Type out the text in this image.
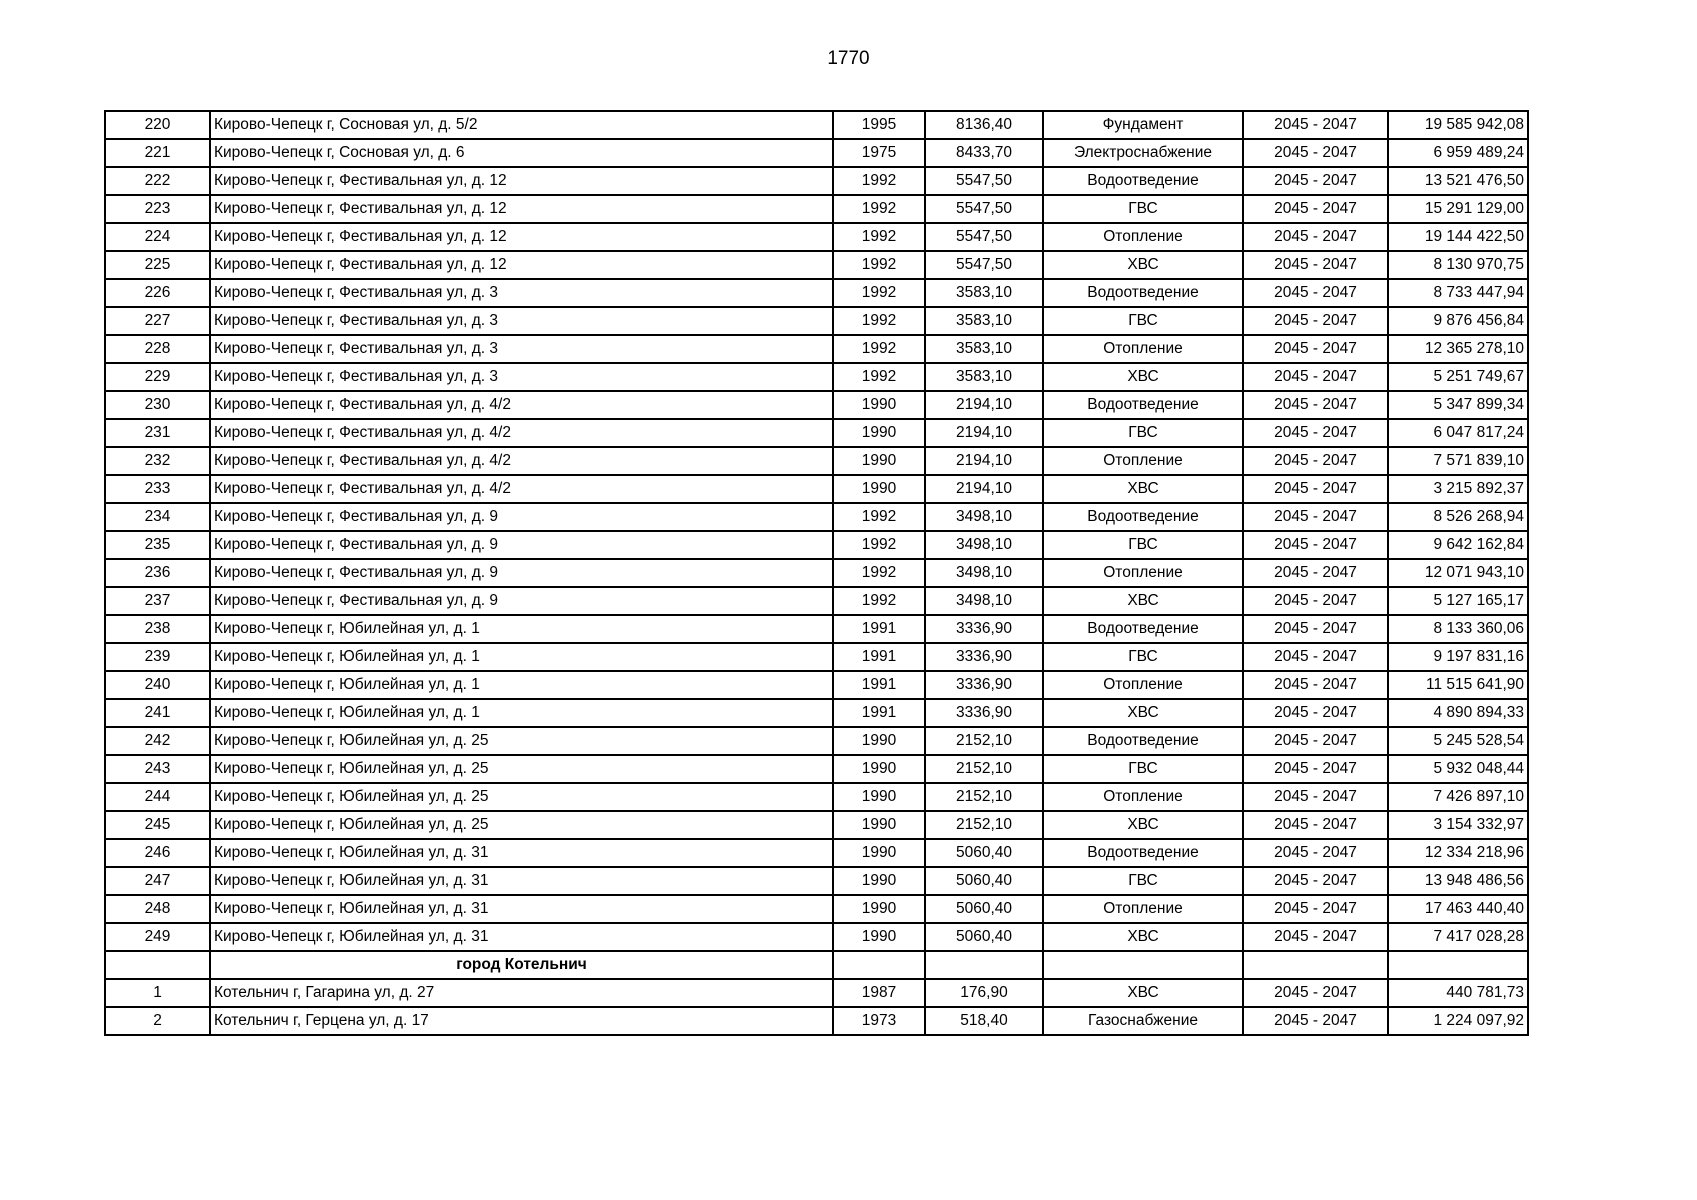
1770
220	Кирово-Чепецк г, Сосновая ул, д. 5/2	1995	8136,40	Фундамент	2045 - 2047	19 585 942,08
221	Кирово-Чепецк г, Сосновая ул, д. 6	1975	8433,70	Электроснабжение	2045 - 2047	6 959 489,24
222	Кирово-Чепецк г, Фестивальная ул, д. 12	1992	5547,50	Водоотведение	2045 - 2047	13 521 476,50
223	Кирово-Чепецк г, Фестивальная ул, д. 12	1992	5547,50	ГВС	2045 - 2047	15 291 129,00
224	Кирово-Чепецк г, Фестивальная ул, д. 12	1992	5547,50	Отопление	2045 - 2047	19 144 422,50
225	Кирово-Чепецк г, Фестивальная ул, д. 12	1992	5547,50	ХВС	2045 - 2047	8 130 970,75
226	Кирово-Чепецк г, Фестивальная ул, д. 3	1992	3583,10	Водоотведение	2045 - 2047	8 733 447,94
227	Кирово-Чепецк г, Фестивальная ул, д. 3	1992	3583,10	ГВС	2045 - 2047	9 876 456,84
228	Кирово-Чепецк г, Фестивальная ул, д. 3	1992	3583,10	Отопление	2045 - 2047	12 365 278,10
229	Кирово-Чепецк г, Фестивальная ул, д. 3	1992	3583,10	ХВС	2045 - 2047	5 251 749,67
230	Кирово-Чепецк г, Фестивальная ул, д. 4/2	1990	2194,10	Водоотведение	2045 - 2047	5 347 899,34
231	Кирово-Чепецк г, Фестивальная ул, д. 4/2	1990	2194,10	ГВС	2045 - 2047	6 047 817,24
232	Кирово-Чепецк г, Фестивальная ул, д. 4/2	1990	2194,10	Отопление	2045 - 2047	7 571 839,10
233	Кирово-Чепецк г, Фестивальная ул, д. 4/2	1990	2194,10	ХВС	2045 - 2047	3 215 892,37
234	Кирово-Чепецк г, Фестивальная ул, д. 9	1992	3498,10	Водоотведение	2045 - 2047	8 526 268,94
235	Кирово-Чепецк г, Фестивальная ул, д. 9	1992	3498,10	ГВС	2045 - 2047	9 642 162,84
236	Кирово-Чепецк г, Фестивальная ул, д. 9	1992	3498,10	Отопление	2045 - 2047	12 071 943,10
237	Кирово-Чепецк г, Фестивальная ул, д. 9	1992	3498,10	ХВС	2045 - 2047	5 127 165,17
238	Кирово-Чепецк г, Юбилейная ул, д. 1	1991	3336,90	Водоотведение	2045 - 2047	8 133 360,06
239	Кирово-Чепецк г, Юбилейная ул, д. 1	1991	3336,90	ГВС	2045 - 2047	9 197 831,16
240	Кирово-Чепецк г, Юбилейная ул, д. 1	1991	3336,90	Отопление	2045 - 2047	11 515 641,90
241	Кирово-Чепецк г, Юбилейная ул, д. 1	1991	3336,90	ХВС	2045 - 2047	4 890 894,33
242	Кирово-Чепецк г, Юбилейная ул, д. 25	1990	2152,10	Водоотведение	2045 - 2047	5 245 528,54
243	Кирово-Чепецк г, Юбилейная ул, д. 25	1990	2152,10	ГВС	2045 - 2047	5 932 048,44
244	Кирово-Чепецк г, Юбилейная ул, д. 25	1990	2152,10	Отопление	2045 - 2047	7 426 897,10
245	Кирово-Чепецк г, Юбилейная ул, д. 25	1990	2152,10	ХВС	2045 - 2047	3 154 332,97
246	Кирово-Чепецк г, Юбилейная ул, д. 31	1990	5060,40	Водоотведение	2045 - 2047	12 334 218,96
247	Кирово-Чепецк г, Юбилейная ул, д. 31	1990	5060,40	ГВС	2045 - 2047	13 948 486,56
248	Кирово-Чепецк г, Юбилейная ул, д. 31	1990	5060,40	Отопление	2045 - 2047	17 463 440,40
249	Кирово-Чепецк г, Юбилейная ул, д. 31	1990	5060,40	ХВС	2045 - 2047	7 417 028,28
	город Котельнич					
1	Котельнич г, Гагарина ул, д. 27	1987	176,90	ХВС	2045 - 2047	440 781,73
2	Котельнич г, Герцена ул, д. 17	1973	518,40	Газоснабжение	2045 - 2047	1 224 097,92
